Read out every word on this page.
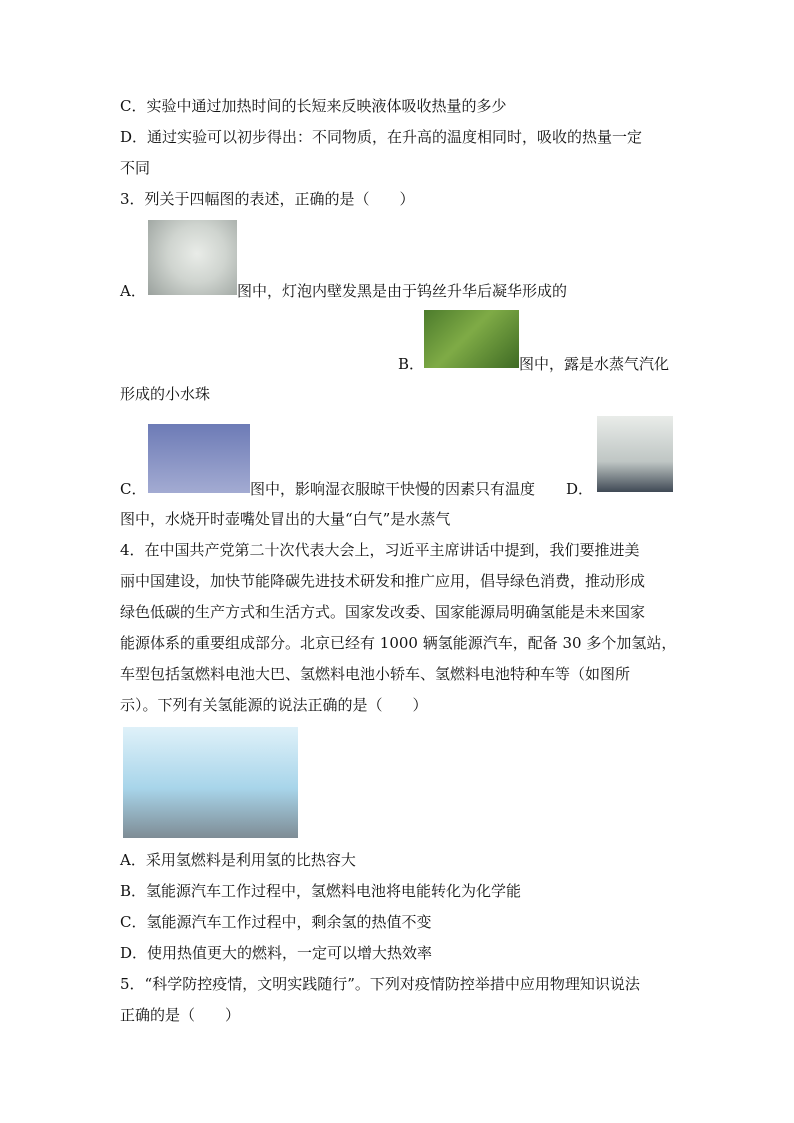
C．实验中通过加热时间的长短来反映液体吸收热量的多少
D．通过实验可以初步得出：不同物质，在升高的温度相同时，吸收的热量一定
不同
3．列关于四幅图的表述，正确的是（　　）
A．	图中，灯泡内壁发黑是由于钨丝升华后凝华形成的
B．	图中，露是水蒸气汽化
形成的小水珠
C．	图中，影响湿衣服晾干快慢的因素只有温度 D．
图中，水烧开时壶嘴处冒出的大量“白气”是水蒸气
4．在中国共产党第二十次代表大会上，习近平主席讲话中提到，我们要推进美
丽中国建设，加快节能降碳先进技术研发和推广应用，倡导绿色消费，推动形成
绿色低碳的生产方式和生活方式。国家发改委、国家能源局明确氢能是未来国家
能源体系的重要组成部分。北京已经有 1000 辆氢能源汽车，配备 30 多个加氢站，
车型包括氢燃料电池大巴、氢燃料电池小轿车、氢燃料电池特种车等（如图所
示）。下列有关氢能源的说法正确的是（　　）
A．采用氢燃料是利用氢的比热容大
B．氢能源汽车工作过程中，氢燃料电池将电能转化为化学能
C．氢能源汽车工作过程中，剩余氢的热值不变
D．使用热值更大的燃料，一定可以增大热效率
5．“科学防控疫情，文明实践随行”。下列对疫情防控举措中应用物理知识说法
正确的是（　　）
